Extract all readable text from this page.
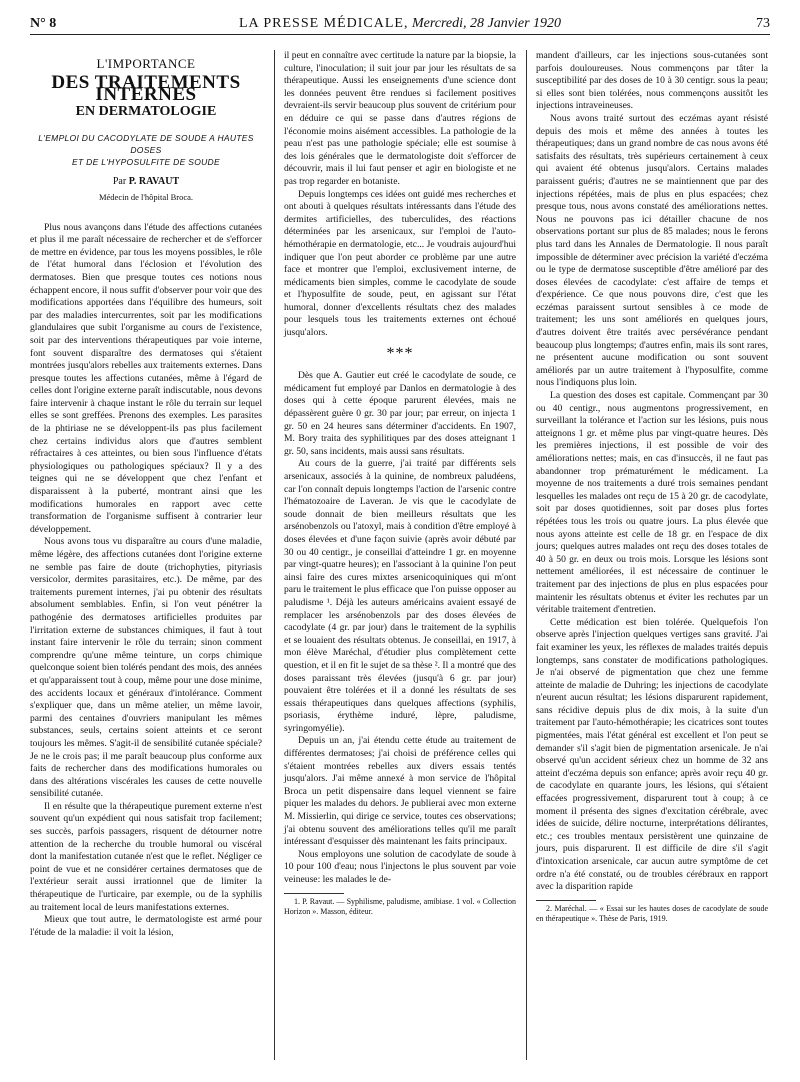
N° 8	LA PRESSE MÉDICALE, Mercredi, 28 Janvier 1920	73
L'IMPORTANCE
DES TRAITEMENTS INTERNES
EN DERMATOLOGIE
L'EMPLOI DU CACODYLATE DE SOUDE A HAUTES DOSES
ET DE L'HYPOSULFITE DE SOUDE
Par P. RAVAUT
Médecin de l'hôpital Broca.

Plus nous avançons dans l'étude des affections cutanées et plus il me paraît nécessaire de rechercher et de s'efforcer de mettre en évidence, par tous les moyens possibles, le rôle de l'état humoral dans l'éclosion et l'évolution des dermatoses. Bien que presque toutes ces notions nous échappent encore, il nous suffit d'observer pour voir que des modifications apportées dans l'équilibre des humeurs, soit par des maladies intercurrentes, soit par les modifications glandulaires que subit l'organisme au cours de l'existence, soit par des interventions thérapeutiques par voie interne, font souvent disparaître des dermatoses qui s'étaient montrées jusqu'alors rebelles aux traitements externes. Dans presque toutes les affections cutanées, même à l'égard de celles dont l'origine externe paraît indiscutable, nous devons faire intervenir à chaque instant le rôle du terrain sur lequel elles se sont greffées. Prenons des exemples. Les parasites de la phtiriase ne se développent-ils pas plus facilement chez certains individus alors que d'autres semblent réfractaires à ces atteintes, ou bien sous l'influence d'états physiologiques ou pathologiques spéciaux? Il y a des teignes qui ne se développent que chez l'enfant et disparaissent à la puberté, montrant ainsi que les modifications humorales en rapport avec cette transformation de l'organisme suffisent à contrarier leur développement.

Nous avons tous vu disparaître au cours d'une maladie, même légère, des affections cutanées dont l'origine externe ne semble pas faire de doute (trichophyties, pityriasis versicolor, dermites parasitaires, etc.). De même, par des traitements purement internes, j'ai pu obtenir des résultats absolument semblables. Enfin, si l'on veut pénétrer la pathogénie des dermatoses artificielles produites par l'irritation externe de substances chimiques, il faut à tout instant faire intervenir le rôle du terrain; sinon comment comprendre qu'une même teinture, un corps chimique quelconque soient bien tolérés pendant des mois, des années et qu'apparaissent tout à coup, même pour une dose minime, des accidents locaux et généraux d'intolérance. Comment s'expliquer que, dans un même atelier, un même lavoir, parmi des centaines d'ouvriers manipulant les mêmes substances, seuls, certains soient atteints et ce seront toujours les mêmes. S'agit-il de sensibilité cutanée spéciale? Je ne le crois pas; il me paraît beaucoup plus conforme aux faits de rechercher dans des modifications humorales ou dans des altérations viscérales les causes de cette nouvelle sensibilité cutanée.

Il en résulte que la thérapeutique purement externe n'est souvent qu'un expédient qui nous satisfait trop facilement; ses succès, parfois passagers, risquent de détourner notre attention de la recherche du trouble humoral ou viscéral dont la manifestation cutanée n'est que le reflet. Négliger ce point de vue et ne considérer certaines dermatoses que de l'extérieur serait aussi irrationnel que de limiter la thérapeutique de l'urticaire, par exemple, ou de la syphilis au traitement local de leurs manifestations externes.

Mieux que tout autre, le dermatologiste est armé pour l'étude de la maladie: il voit la lésion,

il peut en connaître avec certitude la nature par la biopsie, la culture, l'inoculation; il suit jour par jour les résultats de sa thérapeutique. Aussi les enseignements d'une science dont les données peuvent être rendues si facilement positives devraient-ils servir beaucoup plus souvent de critérium pour en déduire ce qui se passe dans d'autres régions de l'économie moins aisément accessibles. La pathologie de la peau n'est pas une pathologie spéciale; elle est soumise à des lois générales que le dermatologiste doit s'efforcer de découvrir, mais il lui faut penser et agir en biologiste et ne pas trop regarder en botaniste.

Depuis longtemps ces idées ont guidé mes recherches et ont abouti à quelques résultats intéressants dans l'étude des dermites artificielles, des tuberculides, des réactions déterminées par les arsenicaux, sur l'emploi de l'auto-hémothérapie en dermatologie, etc... Je voudrais aujourd'hui indiquer que l'on peut aborder ce problème par une autre face et montrer que l'emploi, exclusivement interne, de médicaments bien simples, comme le cacodylate de soude et l'hyposulfite de soude, peut, en agissant sur l'état humoral, donner d'excellents résultats chez des malades pour lesquels tous les traitements externes ont échoué jusqu'alors.

***

Dès que A. Gautier eut créé le cacodylate de soude, ce médicament fut employé par Danlos en dermatologie à des doses qui à cette époque parurent élevées, mais ne dépassèrent guère 0 gr. 30 par jour; par erreur, on injecta 1 gr. 50 en 24 heures sans déterminer d'accidents. En 1907, M. Bory traita des syphilitiques par des doses atteignant 1 gr. 50, sans incidents, mais aussi sans résultats.

Au cours de la guerre, j'ai traité par différents sels arsenicaux, associés à la quinine, de nombreux paludéens, car l'on connaît depuis longtemps l'action de l'arsenic contre l'hématozoaire de Laveran. Je vis que le cacodylate de soude donnait de bien meilleurs résultats que les arsénobenzols ou l'atoxyl, mais à condition d'être employé à doses élevées et d'une façon suivie (après avoir débuté par 30 ou 40 centigr., je conseillai d'atteindre 1 gr. en moyenne par vingt-quatre heures); en l'associant à la quinine l'on peut ainsi faire des cures mixtes arsenicoquiniques qui m'ont paru le traitement le plus efficace que l'on puisse opposer au paludisme ¹. Déjà les auteurs américains avaient essayé de remplacer les arsénobenzols par des doses élevées de cacodylate (4 gr. par jour) dans le traitement de la syphilis et se louaient des résultats obtenus. Je conseillai, en 1917, à mon élève Maréchal, d'étudier plus complètement cette question, et il en fit le sujet de sa thèse ². Il a montré que des doses paraissant très élevées (jusqu'à 6 gr. par jour) pouvaient être tolérées et il a donné les résultats de ses essais thérapeutiques dans quelques affections (syphilis, psoriasis, érythème induré, lèpre, paludisme, syringomyélie).

Depuis un an, j'ai étendu cette étude au traitement de différentes dermatoses; j'ai choisi de préférence celles qui s'étaient montrées rebelles aux divers essais tentés jusqu'alors. J'ai même annexé à mon service de l'hôpital Broca un petit dispensaire dans lequel viennent se faire piquer les malades du dehors. Je publierai avec mon externe M. Missierlin, qui dirige ce service, toutes ces observations; j'ai obtenu souvent des améliorations telles qu'il me paraît intéressant d'esquisser dès maintenant les faits principaux.

Nous employons une solution de cacodylate de soude à 10 pour 100 d'eau; nous l'injectons le plus souvent par voie veineuse: les malades le de-

1. P. Ravaut. — Syphilisme, paludisme, amibiase. 1 vol. « Collection Horizon ». Masson, éditeur.

mandent d'ailleurs, car les injections sous-cutanées sont parfois douloureuses. Nous commençons par tâter la susceptibilité par des doses de 10 à 30 centigr. sous la peau; si elles sont bien tolérées, nous commençons aussitôt les injections intraveineuses.

Nous avons traité surtout des eczémas ayant résisté depuis des mois et même des années à toutes les thérapeutiques; dans un grand nombre de cas nous avons été satisfaits des résultats, très supérieurs certainement à ceux qui avaient été obtenus jusqu'alors. Certains malades paraissent guéris; d'autres ne se maintiennent que par des injections répétées, mais de plus en plus espacées; chez presque tous, nous avons constaté des améliorations nettes. Nous ne pouvons pas ici détailler chacune de nos observations portant sur plus de 85 malades; nous le ferons plus tard dans les Annales de Dermatologie. Il nous paraît impossible de déterminer avec précision la variété d'eczéma ou le type de dermatose susceptible d'être amélioré par des doses élevées de cacodylate: c'est affaire de temps et d'expérience. Ce que nous pouvons dire, c'est que les eczémas paraissent surtout sensibles à ce mode de traitement; les uns sont améliorés en quelques jours, d'autres doivent être traités avec persévérance pendant beaucoup plus longtemps; d'autres enfin, mais ils sont rares, ne présentent aucune modification ou sont souvent améliorés par un autre traitement à l'hyposulfite, comme nous l'indiquons plus loin.

La question des doses est capitale. Commençant par 30 ou 40 centigr., nous augmentons progressivement, en surveillant la tolérance et l'action sur les lésions, puis nous atteignons 1 gr. et même plus par vingt-quatre heures. Dès les premières injections, il est possible de voir des améliorations nettes; mais, en cas d'insuccès, il ne faut pas abandonner trop prématurément le médicament. La moyenne de nos traitements a duré trois semaines pendant lesquelles les malades ont reçu de 15 à 20 gr. de cacodylate, soit par doses quotidiennes, soit par doses plus fortes répétées tous les trois ou quatre jours. La plus élevée que nous ayons atteinte est celle de 18 gr. en l'espace de dix jours; quelques autres malades ont reçu des doses totales de 40 à 50 gr. en deux ou trois mois. Lorsque les lésions sont nettement améliorées, il est nécessaire de continuer le traitement par des injections de plus en plus espacées pour maintenir les résultats obtenus et éviter les rechutes par un véritable traitement d'entretien.

Cette médication est bien tolérée. Quelquefois l'on observe après l'injection quelques vertiges sans gravité. J'ai fait examiner les yeux, les réflexes de malades traités depuis longtemps, sans constater de modifications pathologiques. Je n'ai observé de pigmentation que chez une femme atteinte de maladie de Duhring; les injections de cacodylate n'eurent aucun résultat; les lésions disparurent rapidement, sans récidive depuis plus de dix mois, à la suite d'un traitement par l'auto-hémothérapie; les cicatrices sont toutes pigmentées, mais l'état général est excellent et l'on peut se demander s'il s'agit bien de pigmentation arsenicale. Je n'ai observé qu'un accident sérieux chez un homme de 32 ans atteint d'eczéma depuis son enfance; après avoir reçu 40 gr. de cacodylate en quarante jours, les lésions, qui s'étaient effacées progressivement, disparurent tout à coup; à ce moment il présenta des signes d'excitation cérébrale, avec idées de suicide, délire nocturne, interprétations délirantes, etc.; ces troubles mentaux persistèrent une quinzaine de jours, puis disparurent. Il est difficile de dire s'il s'agit d'intoxication arsenicale, car aucun autre symptôme de cet ordre n'a été constaté, ou de troubles cérébraux en rapport avec la disparition rapide

2. Maréchal. — « Essai sur les hautes doses de cacodylate de soude en thérapeutique ». Thèse de Paris, 1919.
